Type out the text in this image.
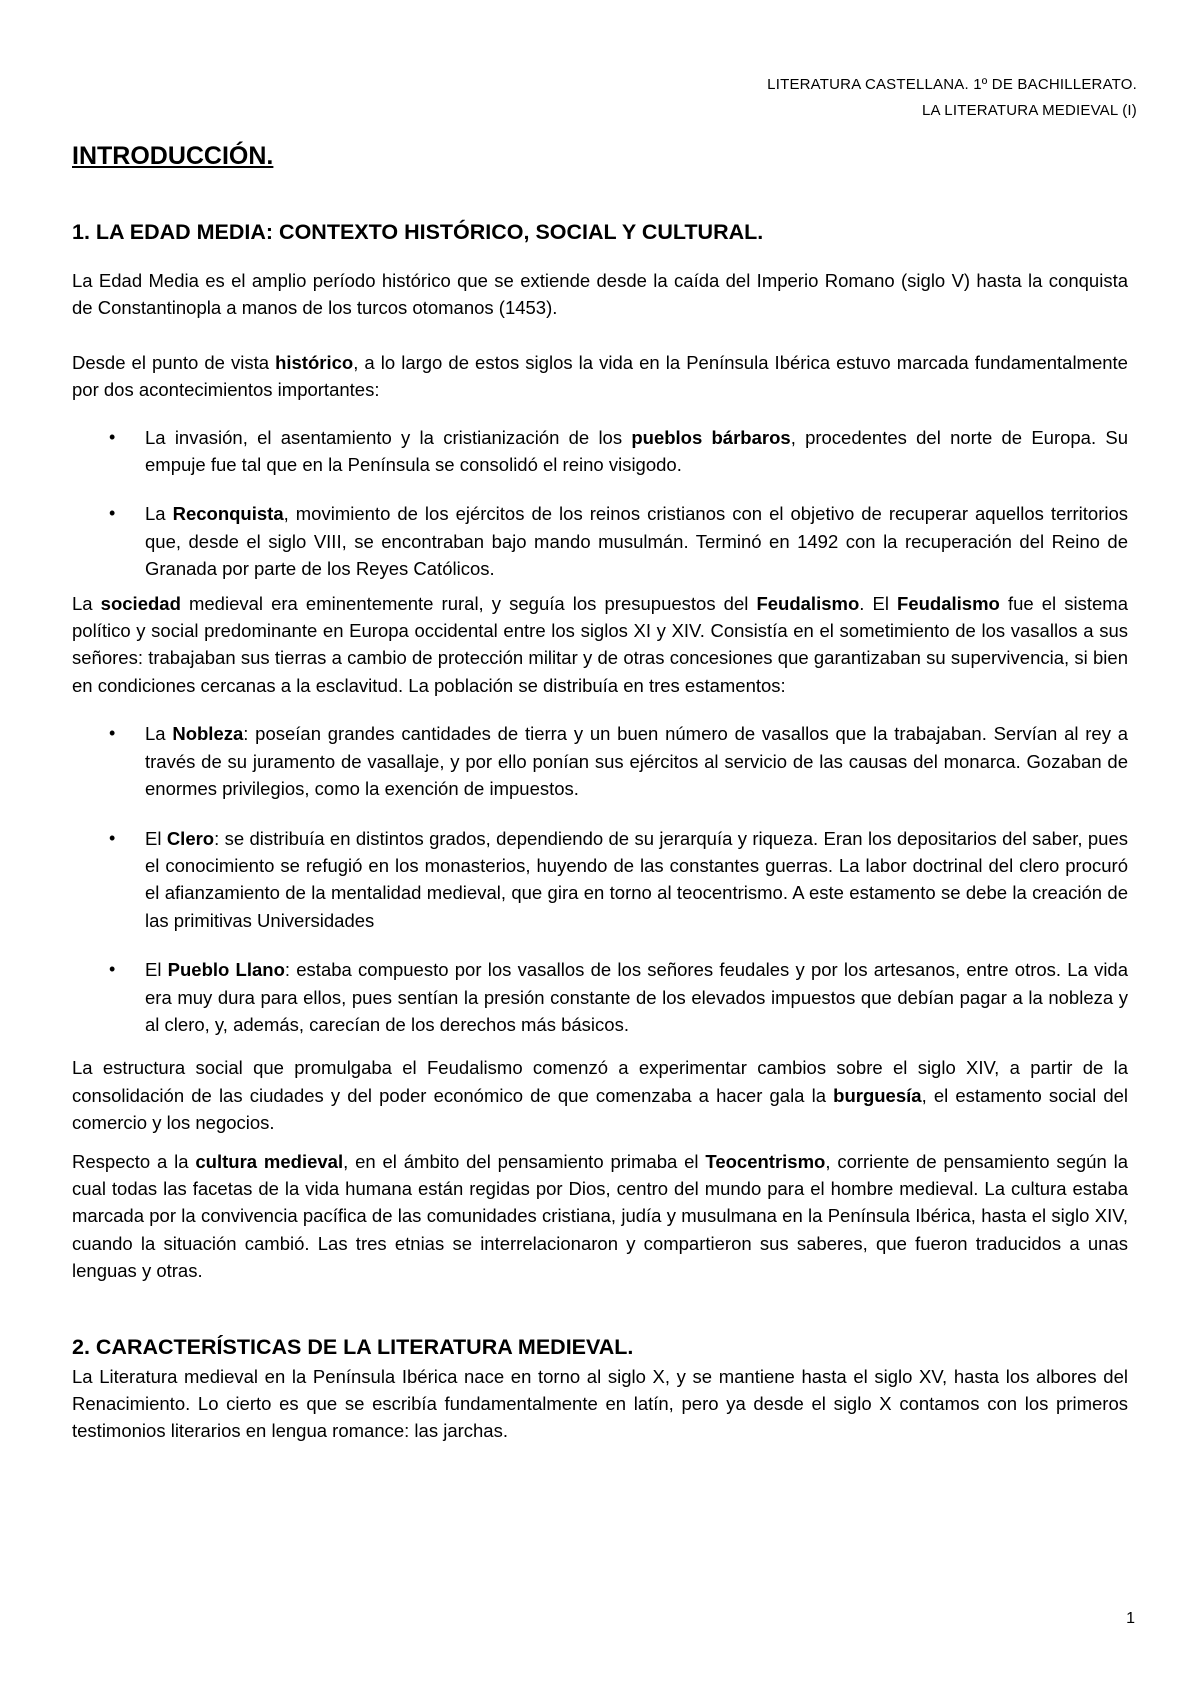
LITERATURA CASTELLANA. 1º DE BACHILLERATO.
LA LITERATURA MEDIEVAL (I)
INTRODUCCIÓN.
1. LA EDAD MEDIA: CONTEXTO HISTÓRICO, SOCIAL Y CULTURAL.

La Edad Media es el amplio período histórico que se extiende desde la caída del Imperio Romano (siglo V) hasta la conquista de Constantinopla a manos de los turcos otomanos (1453).

Desde el punto de vista histórico, a lo largo de estos siglos la vida en la Península Ibérica estuvo marcada fundamentalmente por dos acontecimientos importantes:

• La invasión, el asentamiento y la cristianización de los pueblos bárbaros, procedentes del norte de Europa. Su empuje fue tal que en la Península se consolidó el reino visigodo.
• La Reconquista, movimiento de los ejércitos de los reinos cristianos con el objetivo de recuperar aquellos territorios que, desde el siglo VIII, se encontraban bajo mando musulmán. Terminó en 1492 con la recuperación del Reino de Granada por parte de los Reyes Católicos.

La sociedad medieval era eminentemente rural, y seguía los presupuestos del Feudalismo. El Feudalismo fue el sistema político y social predominante en Europa occidental entre los siglos XI y XIV. Consistía en el sometimiento de los vasallos a sus señores: trabajaban sus tierras a cambio de protección militar y de otras concesiones que garantizaban su supervivencia, si bien en condiciones cercanas a la esclavitud. La población se distribuía en tres estamentos:

• La Nobleza: poseían grandes cantidades de tierra y un buen número de vasallos que la trabajaban. Servían al rey a través de su juramento de vasallaje, y por ello ponían sus ejércitos al servicio de las causas del monarca. Gozaban de enormes privilegios, como la exención de impuestos.
• El Clero: se distribuía en distintos grados, dependiendo de su jerarquía y riqueza. Eran los depositarios del saber, pues el conocimiento se refugió en los monasterios, huyendo de las constantes guerras. La labor doctrinal del clero procuró el afianzamiento de la mentalidad medieval, que gira en torno al teocentrismo. A este estamento se debe la creación de las primitivas Universidades
• El Pueblo Llano: estaba compuesto por los vasallos de los señores feudales y por los artesanos, entre otros. La vida era muy dura para ellos, pues sentían la presión constante de los elevados impuestos que debían pagar a la nobleza y al clero, y, además, carecían de los derechos más básicos.

La estructura social que promulgaba el Feudalismo comenzó a experimentar cambios sobre el siglo XIV, a partir de la consolidación de las ciudades y del poder económico de que comenzaba a hacer gala la burguesía, el estamento social del comercio y los negocios.

Respecto a la cultura medieval, en el ámbito del pensamiento primaba el Teocentrismo, corriente de pensamiento según la cual todas las facetas de la vida humana están regidas por Dios, centro del mundo para el hombre medieval. La cultura estaba marcada por la convivencia pacífica de las comunidades cristiana, judía y musulmana en la Península Ibérica, hasta el siglo XIV, cuando la situación cambió. Las tres etnias se interrelacionaron y compartieron sus saberes, que fueron traducidos a unas lenguas y otras.

2. CARACTERÍSTICAS DE LA LITERATURA MEDIEVAL.

La Literatura medieval en la Península Ibérica nace en torno al siglo X, y se mantiene hasta el siglo XV, hasta los albores del Renacimiento. Lo cierto es que se escribía fundamentalmente en latín, pero ya desde el siglo X contamos con los primeros testimonios literarios en lengua romance: las jarchas.

1
